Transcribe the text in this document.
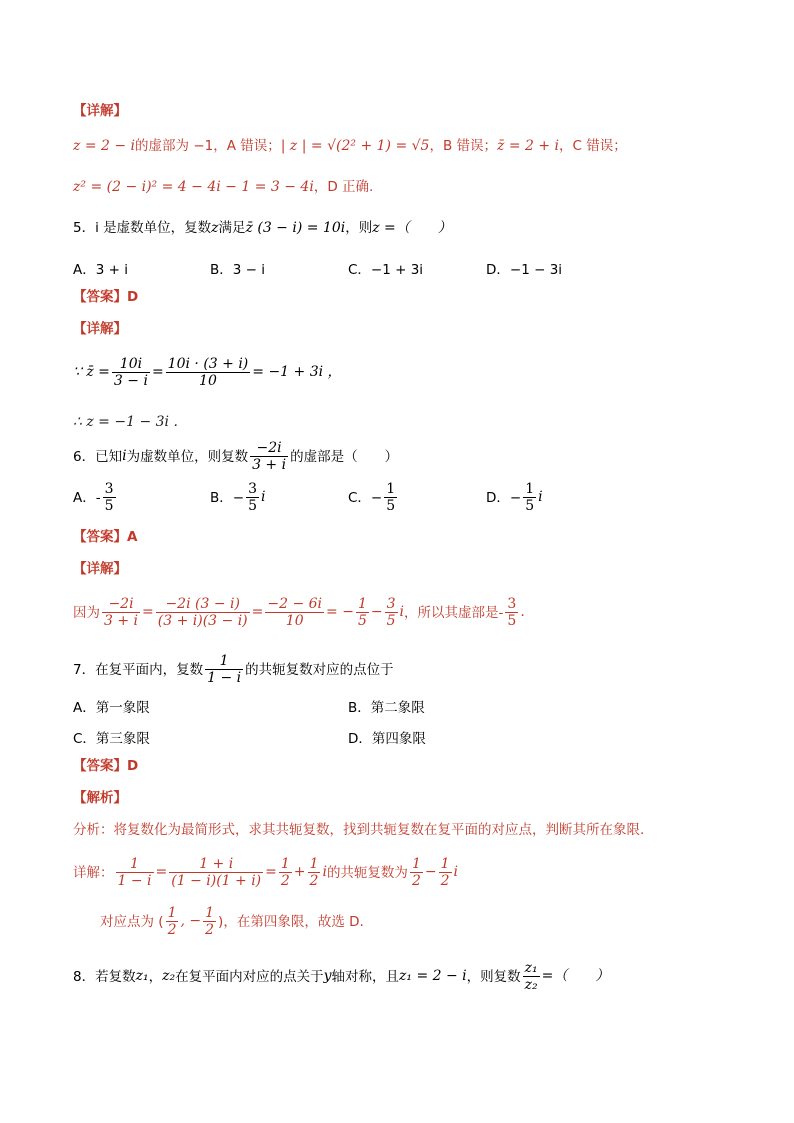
【详解】
z = 2 − i 的虚部为 −1，A 错误； | z | = √(2² + 1) = √5 ，B 错误； z̄ = 2 + i ，C 错误；
z² = (2 − i)² = 4 − 4i − 1 = 3 − 4i ，D 正确.
5．i 是虚数单位，复数 z 满足 z̄ (3 − i) = 10i ，则 z =（　　）
A．3 + i	B．3 − i	C．−1 + 3i	D．−1 − 3i
【答案】D
【详解】
∵ z̄ = $\frac{10i}{3 - i} = \frac{10i \cdot (3 + i)}{10} = -1 + 3i$ ，
∴ z = −1 − 3i .
6．已知 i 为虚数单位，则复数 $\frac{-2i}{3 + i}$ 的虚部是（　　）
A．- $\frac{3}{5}$	B．− $\frac{3}{5}$ i	C．− $\frac{1}{5}$	D．− $\frac{1}{5}$ i
【答案】A
【详解】
因为 $\frac{-2i}{3 + i} = \frac{-2i (3 - i)}{(3 + i)(3 - i)} = \frac{-2 - 6i}{10}$ = − $\frac{1}{5} - \frac{3}{5}$ i ，所以其虚部是- $\frac{3}{5}$ .
7．在复平面内，复数 $\frac{1}{1 - i}$ 的共轭复数对应的点位于
A．第一象限	B．第二象限
C．第三象限	D．第四象限
【答案】D
【解析】
分析：将复数化为最简形式，求其共轭复数，找到共轭复数在复平面的对应点，判断其所在象限.
详解： $\frac{1}{1 - i} = \frac{1 + i}{(1 - i)(1 + i)} = \frac{1}{2} + \frac{1}{2}$ i 的共轭复数为 $\frac{1}{2} - \frac{1}{2}$ i
对应点为 ( $\frac{1}{2}$ , − $\frac{1}{2}$ )，在第四象限，故选 D.
8．若复数 z₁ ， z₂ 在复平面内对应的点关于 y 轴对称，且 z₁ = 2 − i ，则复数 $\frac{\text{z₁}}{\text{z₂}}$ =（　　）
